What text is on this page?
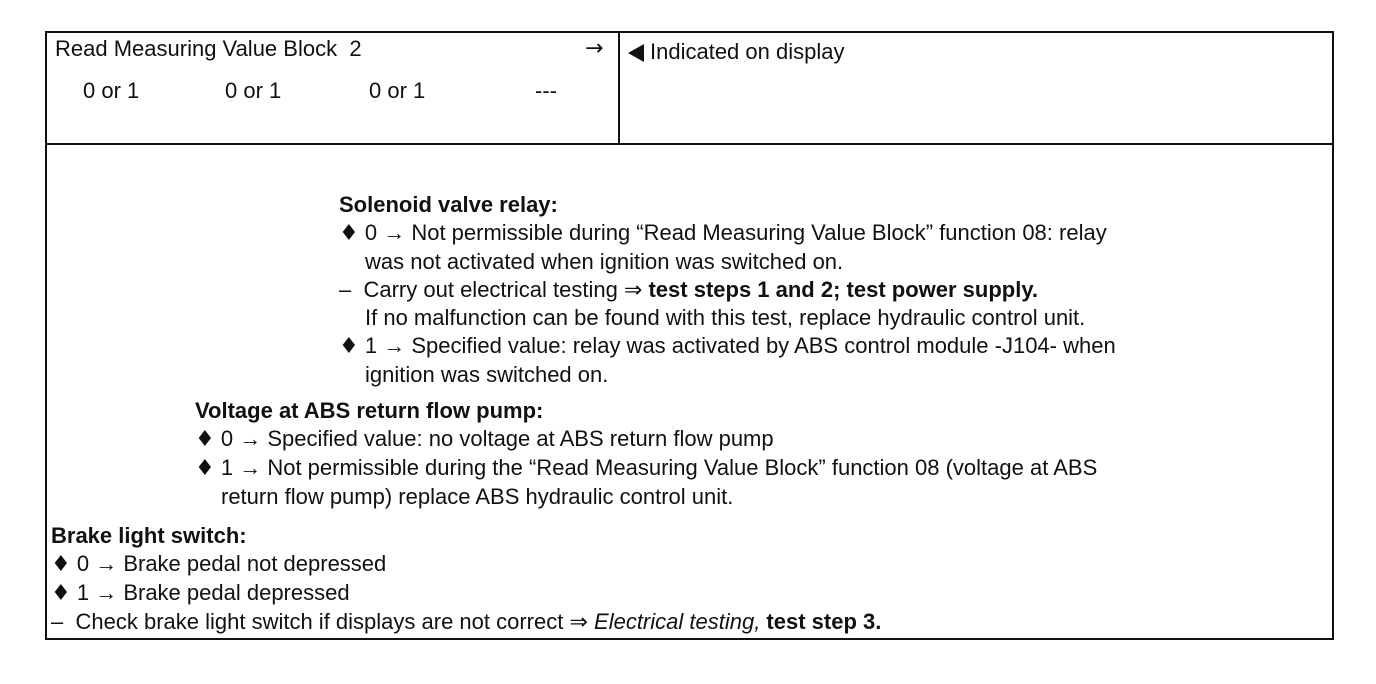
Read Measuring Value Block 2	→
0 or 1	0 or 1	0 or 1	---
Indicated on display
Solenoid valve relay:
♦ 0 → Not permissible during “Read Measuring Value Block” function 08: relay
was not activated when ignition was switched on.
– Carry out electrical testing ⇒ test steps 1 and 2; test power supply.
If no malfunction can be found with this test, replace hydraulic control unit.
♦ 1 → Specified value: relay was activated by ABS control module -J104- when
ignition was switched on.
Voltage at ABS return flow pump:
♦ 0 → Specified value: no voltage at ABS return flow pump
♦ 1 → Not permissible during the “Read Measuring Value Block” function 08 (voltage at ABS
return flow pump) replace ABS hydraulic control unit.
Brake light switch:
♦ 0 → Brake pedal not depressed
♦ 1 → Brake pedal depressed
– Check brake light switch if displays are not correct ⇒ Electrical testing, test step 3.
